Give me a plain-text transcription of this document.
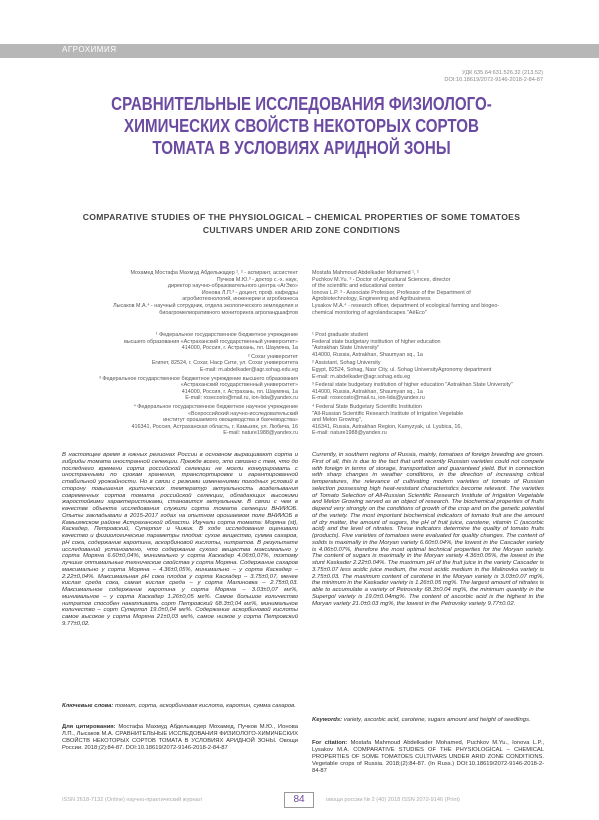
АГРОХИМИЯ
УДК 635.64:631.526.32 (213.52)
DOI:10.18619/2072-9146-2018-2-84-87
СРАВНИТЕЛЬНЫЕ ИССЛЕДОВАНИЯ ФИЗИОЛОГО-ХИМИЧЕСКИХ СВОЙСТВ НЕКОТОРЫХ СОРТОВ ТОМАТА В УСЛОВИЯХ АРИДНОЙ ЗОНЫ
COMPARATIVE STUDIES OF THE PHYSIOLOGICAL – CHEMICAL PROPERTIES OF SOME TOMATOES CULTIVARS UNDER ARID ZONE CONDITIONS
Мохамед Мостафа Махмуд Абдельжадер ¹, ² - аспирант, ассистент
Пучков М.Ю.³ - доктор с.-х. наук,
директор научно-образовательного центра «АгЭко»
Ионова Л.П.³ - доцент, проф. кафедры
агробиотехнологий, инженерии и агробизнеса
Лысаков М.А.⁴ - научный сотрудник, отдела экологического земледелия и
биоагромелиоративного мониторинга агроландшафтов
Mostafa Mahmoud Abdelkader Mohamed ¹, ²
Puchkov M.Yu. ³ - Doctor of Agricultural Sciences, director
of the scientific and educational center
Ionova L.P. ³ - Associate Professor, Professor of the Department of
Agrobiotechnology, Engineering and Agribusiness
Lysakov M.A.⁴ - research officer, department of ecological farming and biogeo-
chemical monitoring of agrolandscapes "AёEco"
¹ Федеральное государственное бюджетное учреждение
высшего образования «Астраханский государственный университет»
414000, Россия, г. Астрахань, пл. Шаумяна, 1а
² Сохаг университет
Египет, 82524, г. Сохаг, Наср Сити, ул. Сохаг университета
E-mail: m.abdelkader@agr.sohag.edu.eg
³ Федеральное государственное бюджетное учреждение высшего образования «Астраханский государственный университет»
414000, Россия, г. Астрахань, пл. Шаумяна, 1а
E-mail: rosecosto@mail.ru, ion-lida@yandex.ru
⁴ Федеральное государственное бюджетное научное учреждение
«Всероссийский научно-исследовательский
институт орошаемого овощеводства и бахчеводства»
416341, Россия, Астраханская область, г. Камызяк, ул. Любича, 16
E-mail: nature1988@yandex.ru
¹ Post graduate student
Federal state budgetary institution of higher education
"Astrakhan State University"
414000, Russia, Astrakhan, Shaumyan sq., 1a
² Assistant, Sohag University
Egypt, 82524, Sohag, Nasr City, ul. Sohag UniversityAgronomy department
E-mail: m.abdelkader@agr.sohag.edu.eg
³ Federal state budgetary institution of higher education "Astrakhan State University"
414000, Russia, Astrakhan, Shaumyan sq., 1a
E-mail: rosecosto@mail.ru, ion-lida@yandex.ru
⁴ Federal State Budgetary Scientific Institution
"All-Russian Scientific Research Institute of Irrigation Vegetable
and Melon Growing",
416341, Russia, Astrakhan Region, Kamyzyak, ul. Lyubica, 16,
E-mail: nature1988@yandex.ru
В настоящее время в южных регионах России в основном выращивают сорта и гибриды томата иностранной селекции. Прежде всего, это связано с тем, что до последнего времени сорта российской селекции не могли конкурировать с иностранными по срокам хранения, транспортировке и гарантированной стабильной урожайности. Но в связи с резкими изменениями погодных условий в сторону повышения критических температур актуальность возделывания современных сортов томата российской селекции, обладающих высокими жаростойкими характеристиками, становится актуальным. В связи с чем в качестве объекта исследования служили сорта томата селекции ВНИИОБ. Опыты закладывали в 2015-2017 годах на опытном орошаемом поле ВНИИОБ в Камызякском районе Астраханской области. Изучали сорта томата: Моряна (st), Каскадер, Петровский, Суперпол и Чижик. В ходе исследования оценивали качество и физиологические параметры плодов: сухое вещество, сумма сахаров, рН сока, содержание каротина, аскорбиновой кислоты, нитратов. В результате исследований установлено, что содержание сухого вещества максимально у сорта Моряна 6.60±0,04%, минимально у сорта Каскадер 4.06±0,07%, поэтому лучшие оптимальные технические свойства у сорта Моряна. Содержание сахаров максимально у сорта Моряна – 4.36±0,05%, минимально – у сорта Каскадер – 2.22±0,04%. Максимальная рН сока плодов у сорта Каскадер – 3.75±0,07, менее кислая среда сока, самая кислая среда – у сорта Малиновка – 2.75±0,03. Максимальное содержание каротина у сорта Моряна – 3.03±0,07 мг%, минимальное – у сорта Каскадер 1.26±0,05 мг%. Самое большое количество нитратов способен накапливать сорт Петровский 68.3±0,04 мг%, минимальное количество – сорт Суперпол 19.0±0,04 мг%. Содержание аскорбиновой кислоты самое высокое у сорта Моряна 21±0,03 мг%, самое низкое у сорта Петровский 9.77±0,02.
Currently, in southern regions of Russia, mainly, tomatoes of foreign breeding are grown. First of all, this is due to the fact that until recently Russian varieties could not compete with foreign in terms of storage, transportation and guaranteed yield. But in connection with sharp changes in weather conditions, in the direction of increasing critical temperatures, the relevance of cultivating modern varieties of tomato of Russian selection possessing high heat-resistant characteristics become relevant. The varieties of Tomato Selection of All-Russian Scientific Research Institute of Irrigation Vegetable and Melon Growing served as an object of research. The biochemical properties of fruits depend very strongly on the conditions of growth of the crop and on the genetic potential of the variety. The most important biochemical indicators of tomato fruit are the amount of dry matter, the amount of sugars, the pH of fruit juice, carotene, vitamin C (ascorbic acid) and the level of nitrates. These indicators determine the quality of tomato fruits (products). Five varieties of tomatoes were evaluated for quality changes. The content of solids is maximally in the Moryan variety 6.60±0.04%, the lowest in the Cascader variety is 4.06±0.07%, therefore the most optimal technical properties for the Moryan variety. The content of sugars is maximally in the Moryan variety 4.36±0.05%, the lowest in the stunt Kaskader 2.22±0.04%. The maximum pH of the fruit juice in the variety Cascader is 3.75±0.07 less acidic juice medium, the most acidic medium in the Malinovka variety is 2.75±0.03. The maximum content of carotene in the Moryan variety is 3.03±0.07 mg%, the minimum in the Kaskader variety is 1.26±0.05 mg%. The largest amount of nitrates is able to accumulate a variety of Petrovsky 68.3±0.04 mg%, the minimum quantity in the Supergol variety is 19.0±0.04mg%. The content of ascorbic acid is the highest in the Moryan variety 21.0±0.03 mg%, the lowest in the Petrovsky variety 9.77±0.02.
Ключевые слова: томат, сорта, аскорбиновая кислота, каротин, сумма сахаров.
Keywords: variety, ascorbic acid, carotene, sugars amount and height of seedlings.
Для цитирования: Мостафа Махмуд Абдельжадер Мохамед, Пучков М.Ю., Ионова Л.П., Лысаков М.А. СРАВНИТЕЛЬНЫЕ ИССЛЕДОВАНИЯ ФИЗИОЛОГО-ХИМИЧЕСКИХ СВОЙСТВ НЕКОТОРЫХ СОРТОВ ТОМАТА В УСЛОВИЯХ АРИДНОЙ ЗОНЫ. Овощи России. 2018;(2):84-87. DOI:10.18619/2072-9146-2018-2-84-87
For citation: Mostafa Mahmoud Abdelkader Mohamed, Puchkov M.Yu., Ionova L.P., Lysakov M.A. COMPARATIVE STUDIES OF THE PHYSIOLOGICAL – CHEMICAL PROPERTIES OF SOME TOMATOES CULTIVARS UNDER ARID ZONE CONDITIONS. Vegetable crops of Russia. 2018;(2):84-87. (In Russ.) DOI:10.18619/2072-9146-2018-2-84-87
ISSN 2618-7132 (Online) научно-практический журнал	84	овощи россии № 2 (40) 2018 ISSN 2072-9146 (Print)
